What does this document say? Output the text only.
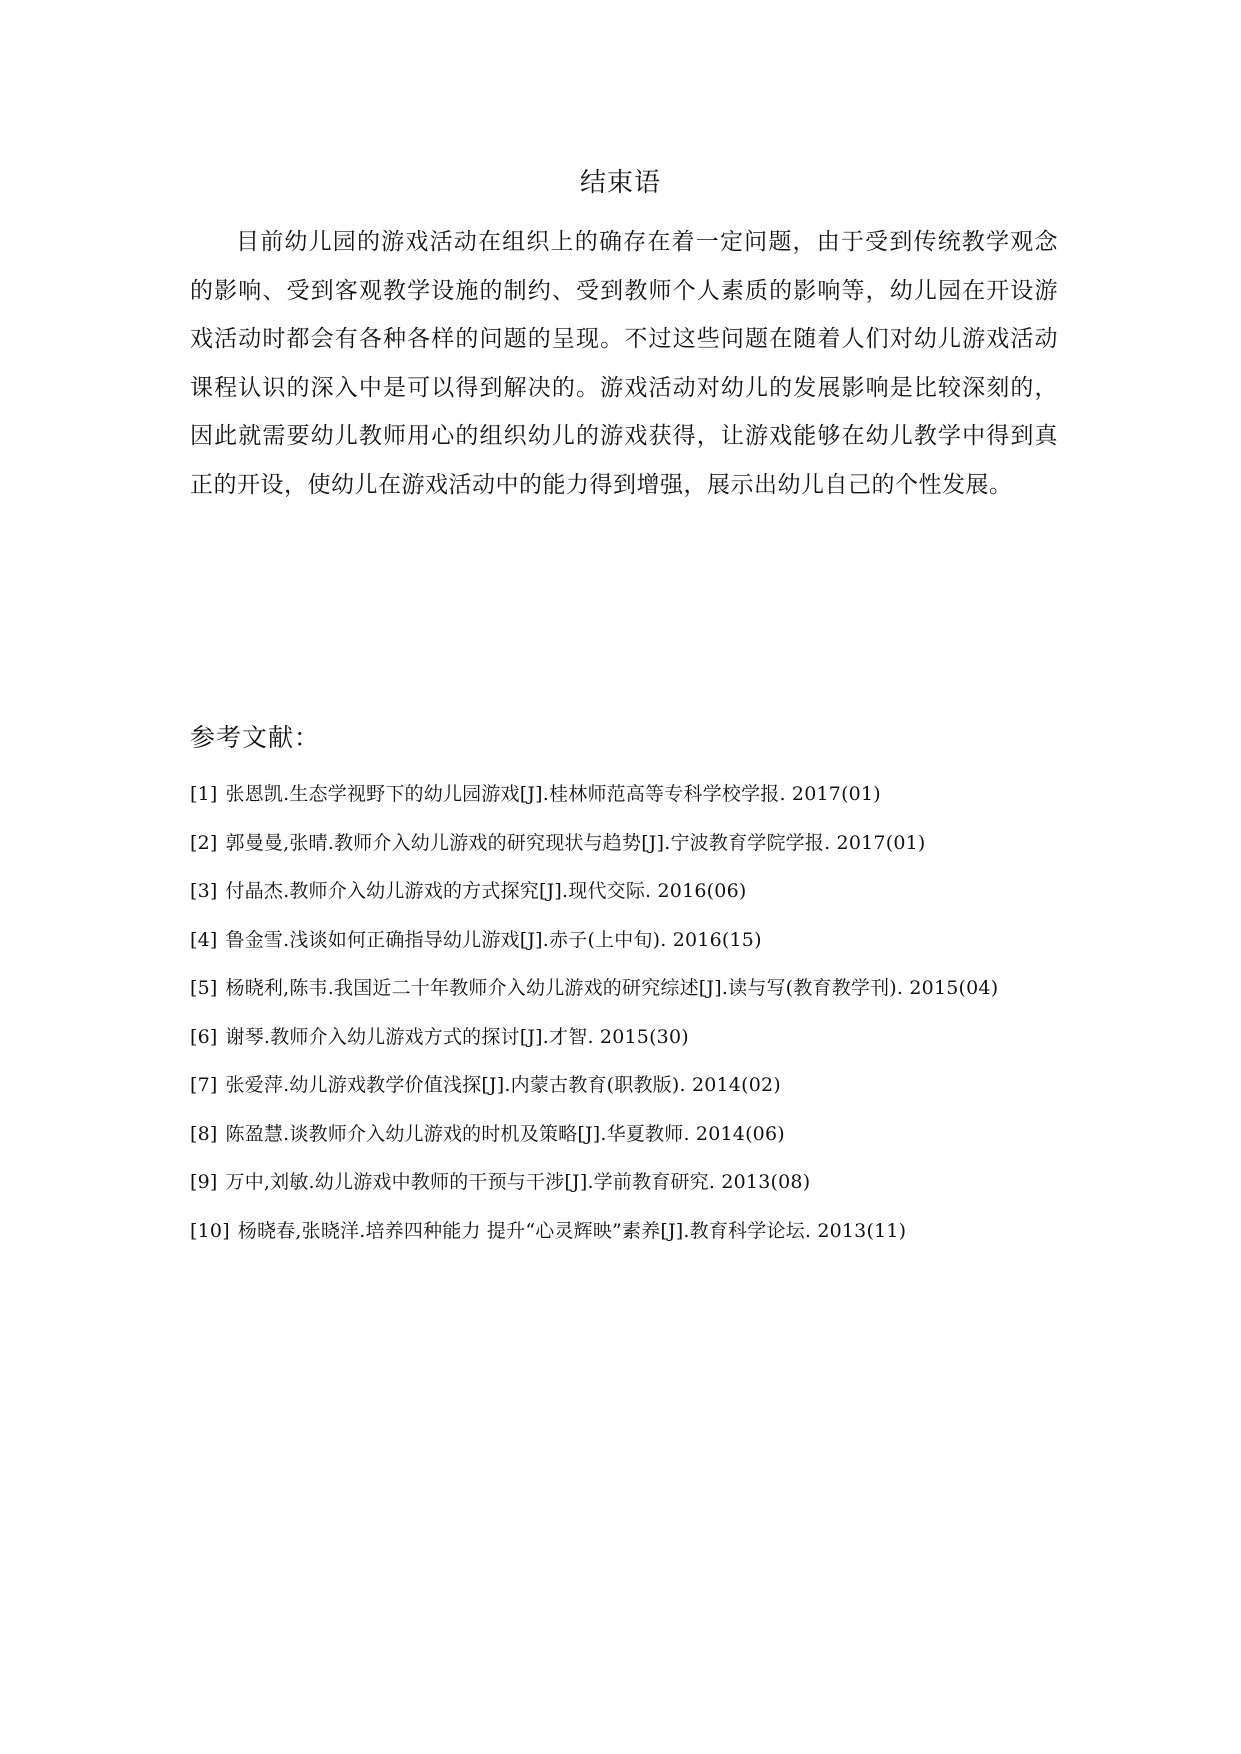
结束语

目前幼儿园的游戏活动在组织上的确存在着一定问题，由于受到传统教学观念的影响、受到客观教学设施的制约、受到教师个人素质的影响等，幼儿园在开设游戏活动时都会有各种各样的问题的呈现。不过这些问题在随着人们对幼儿游戏活动课程认识的深入中是可以得到解决的。游戏活动对幼儿的发展影响是比较深刻的，因此就需要幼儿教师用心的组织幼儿的游戏获得，让游戏能够在幼儿教学中得到真正的开设，使幼儿在游戏活动中的能力得到增强，展示出幼儿自己的个性发展。

参考文献：
[1] 张恩凯.生态学视野下的幼儿园游戏[J].桂林师范高等专科学校学报. 2017(01)
[2] 郭曼曼,张晴.教师介入幼儿游戏的研究现状与趋势[J].宁波教育学院学报. 2017(01)
[3] 付晶杰.教师介入幼儿游戏的方式探究[J].现代交际. 2016(06)
[4] 鲁金雪.浅谈如何正确指导幼儿游戏[J].赤子(上中旬). 2016(15)
[5] 杨晓利,陈韦.我国近二十年教师介入幼儿游戏的研究综述[J].读与写(教育教学刊). 2015(04)
[6] 谢琴.教师介入幼儿游戏方式的探讨[J].才智. 2015(30)
[7] 张爱萍.幼儿游戏教学价值浅探[J].内蒙古教育(职教版). 2014(02)
[8] 陈盈慧.谈教师介入幼儿游戏的时机及策略[J].华夏教师. 2014(06)
[9] 万中,刘敏.幼儿游戏中教师的干预与干涉[J].学前教育研究. 2013(08)
[10] 杨晓春,张晓洋.培养四种能力 提升“心灵辉映”素养[J].教育科学论坛. 2013(11)
